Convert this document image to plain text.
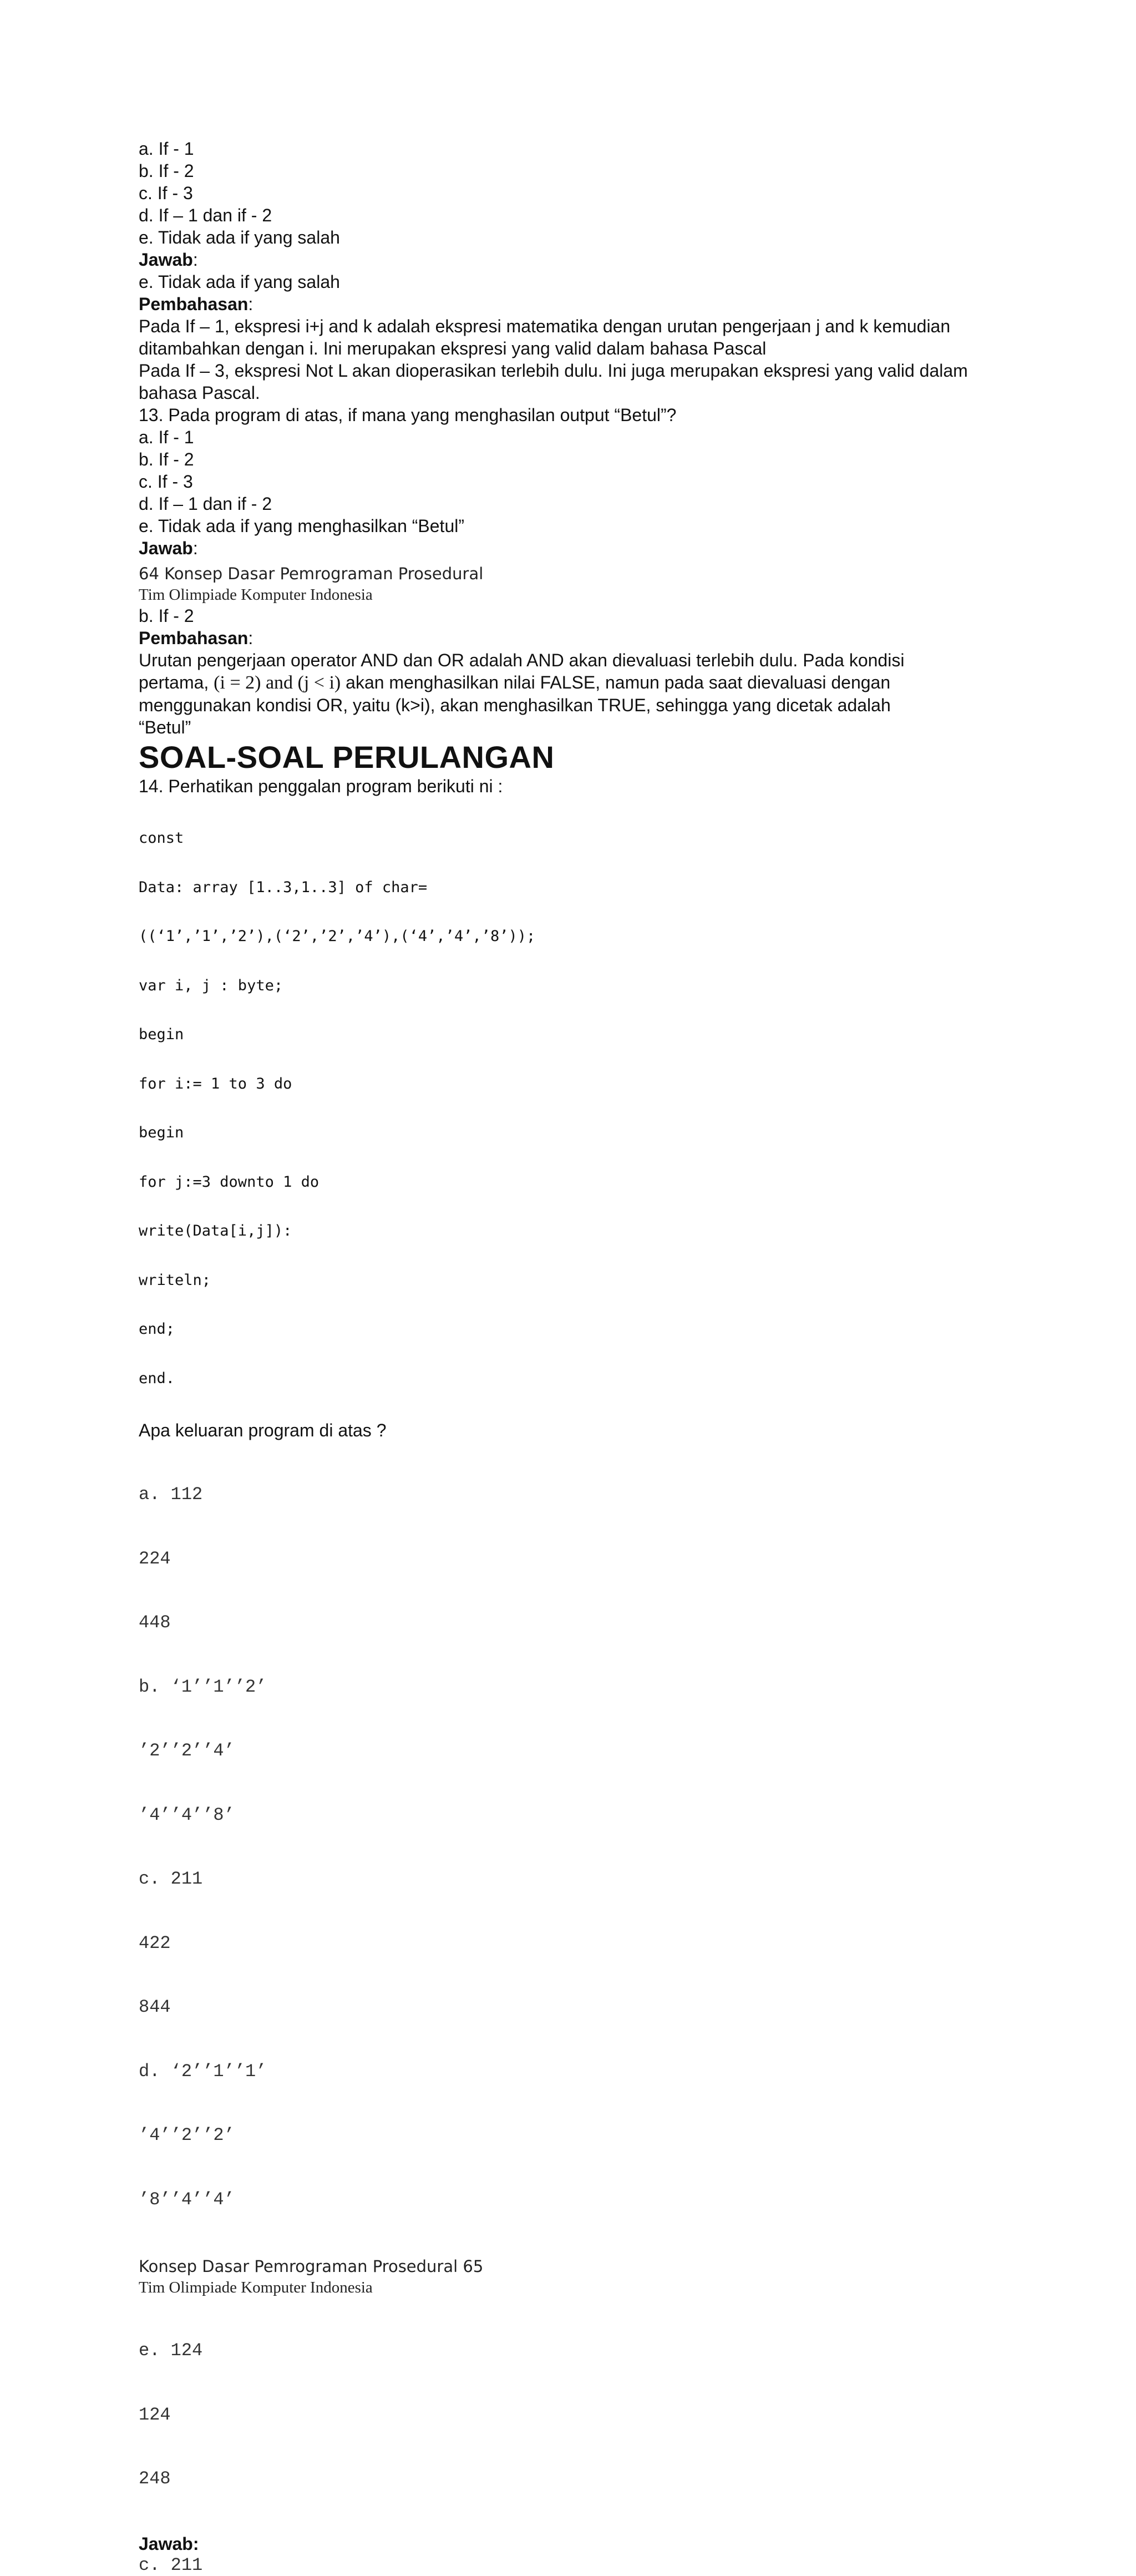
a. If - 1
b. If - 2
c. If - 3
d. If – 1 dan if - 2
e. Tidak ada if yang salah
Jawab:
e. Tidak ada if yang salah
Pembahasan:
Pada If – 1, ekspresi i+j and k adalah ekspresi matematika dengan urutan pengerjaan j and k kemudian
ditambahkan dengan i. Ini merupakan ekspresi yang valid dalam bahasa Pascal
Pada If – 3, ekspresi Not L akan dioperasikan terlebih dulu. Ini juga merupakan ekspresi yang valid dalam bahasa Pascal.
13. Pada program di atas, if mana yang menghasilan output “Betul”?
a. If - 1
b. If - 2
c. If - 3
d. If – 1 dan if - 2
e. Tidak ada if yang menghasilkan “Betul”
Jawab:
64 Konsep Dasar Pemrograman Prosedural
Tim Olimpiade Komputer Indonesia
b. If - 2
Pembahasan:
Urutan pengerjaan operator AND dan OR adalah AND akan dievaluasi terlebih dulu. Pada kondisi
pertama, (i = 2) and (j < i) akan menghasilkan nilai FALSE, namun pada saat dievaluasi dengan
menggunakan kondisi OR, yaitu (k>i), akan menghasilkan TRUE, sehingga yang dicetak adalah
“Betul”
SOAL-SOAL PERULANGAN
14. Perhatikan penggalan program berikuti ni :

const

Data: array [1..3,1..3] of char=

((‘1’,’1’,’2’),(‘2’,’2’,’4’),(‘4’,’4’,’8’));

var i, j : byte;

begin

for i:= 1 to 3 do

begin

for j:=3 downto 1 do

write(Data[i,j]):

writeln;

end;

end.

Apa keluaran program di atas ?

a. 112

224

448

b. ‘1’’1’’2’

’2’’2’’4’

’4’’4’’8’

c. 211

422

844

d. ‘2’’1’’1’

’4’’2’’2’

’8’’4’’4’

Konsep Dasar Pemrograman Prosedural 65
Tim Olimpiade Komputer Indonesia

e. 124

124

248

Jawab:
c. 211
